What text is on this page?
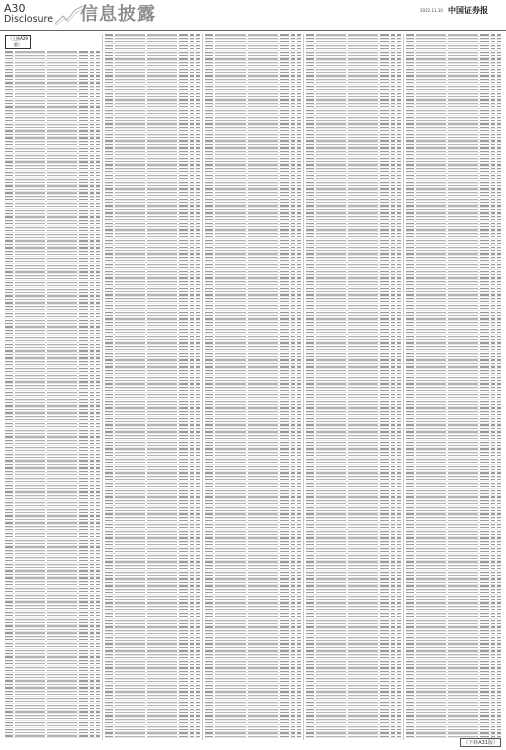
A30
Disclosure 信息披露	2022.11.10 中国证券报
（上接A29版）
（下转A31版）
